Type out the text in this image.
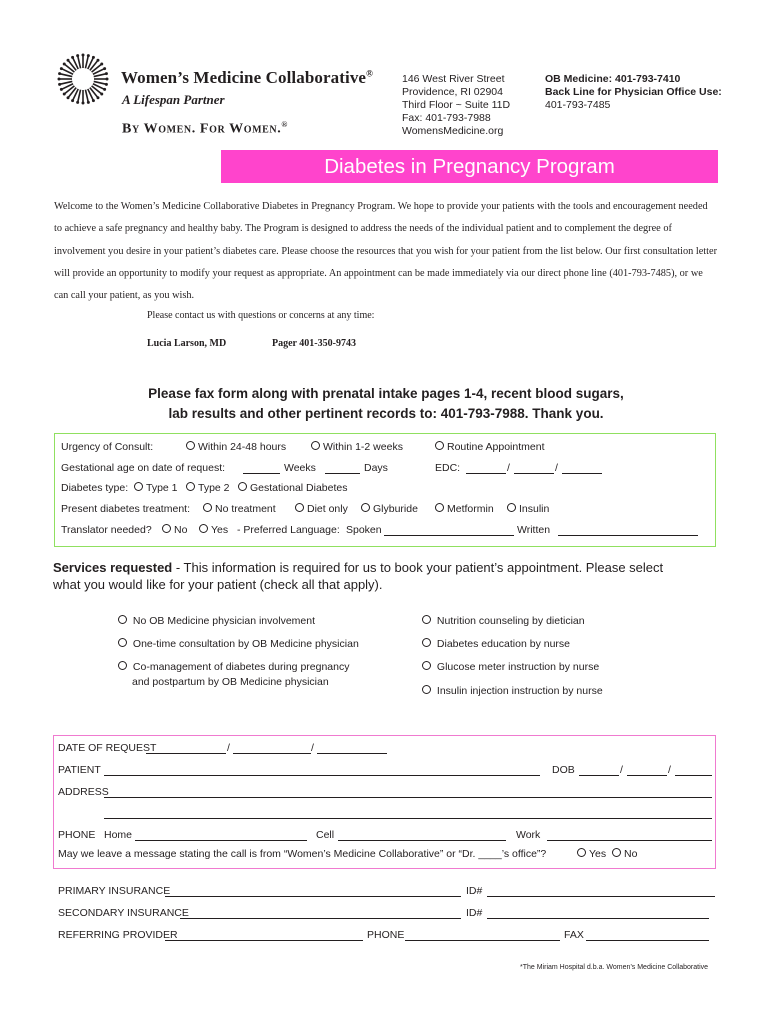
Women’s Medicine Collaborative®
A Lifespan Partner
By Women. For Women.®
146 West River Street
Providence, RI 02904
Third Floor ~ Suite 11D
Fax: 401-793-7988
WomensMedicine.org
OB Medicine: 401-793-7410
Back Line for Physician Office Use:
401-793-7485
Diabetes in Pregnancy Program
Welcome to the Women’s Medicine Collaborative Diabetes in Pregnancy Program. We hope to provide your patients with the tools and encouragement needed to achieve a safe pregnancy and healthy baby. The Program is designed to address the needs of the individual patient and to complement the degree of involvement you desire in your patient’s diabetes care. Please choose the resources that you wish for your patient from the list below. Our first consultation letter will provide an opportunity to modify your request as appropriate. An appointment can be made immediately via our direct phone line (401-793-7485), or we can call your patient, as you wish.
Please contact us with questions or concerns at any time:
Lucia Larson, MD	Pager 401-350-9743
Please fax form along with prenatal intake pages 1-4, recent blood sugars,
lab results and other pertinent records to: 401-793-7988. Thank you.
Urgency of Consult:	Within 24-48 hours	Within 1-2 weeks	Routine Appointment
Gestational age on date of request:	Weeks	Days	EDC:	/	/
Diabetes type:	Type 1	Type 2	Gestational Diabetes
Present diabetes treatment:	No treatment	Diet only	Glyburide	Metformin	Insulin
Translator needed?	No	Yes - Preferred Language: Spoken	Written
Services requested - This information is required for us to book your patient’s appointment. Please select
what you would like for your patient (check all that apply).
No OB Medicine physician involvement
One-time consultation by OB Medicine physician
Co-management of diabetes during pregnancy
and postpartum by OB Medicine physician
Nutrition counseling by dietician
Diabetes education by nurse
Glucose meter instruction by nurse
Insulin injection instruction by nurse
DATE OF REQUEST	/	/
PATIENT	DOB	/	/
ADDRESS
PHONE Home	Cell	Work
May we leave a message stating the call is from “Women’s Medicine Collaborative” or “Dr. ____’s office”?	Yes	No
PRIMARY INSURANCE	ID#
SECONDARY INSURANCE	ID#
REFERRING PROVIDER	PHONE	FAX
*The Miriam Hospital d.b.a. Women’s Medicine Collaborative
